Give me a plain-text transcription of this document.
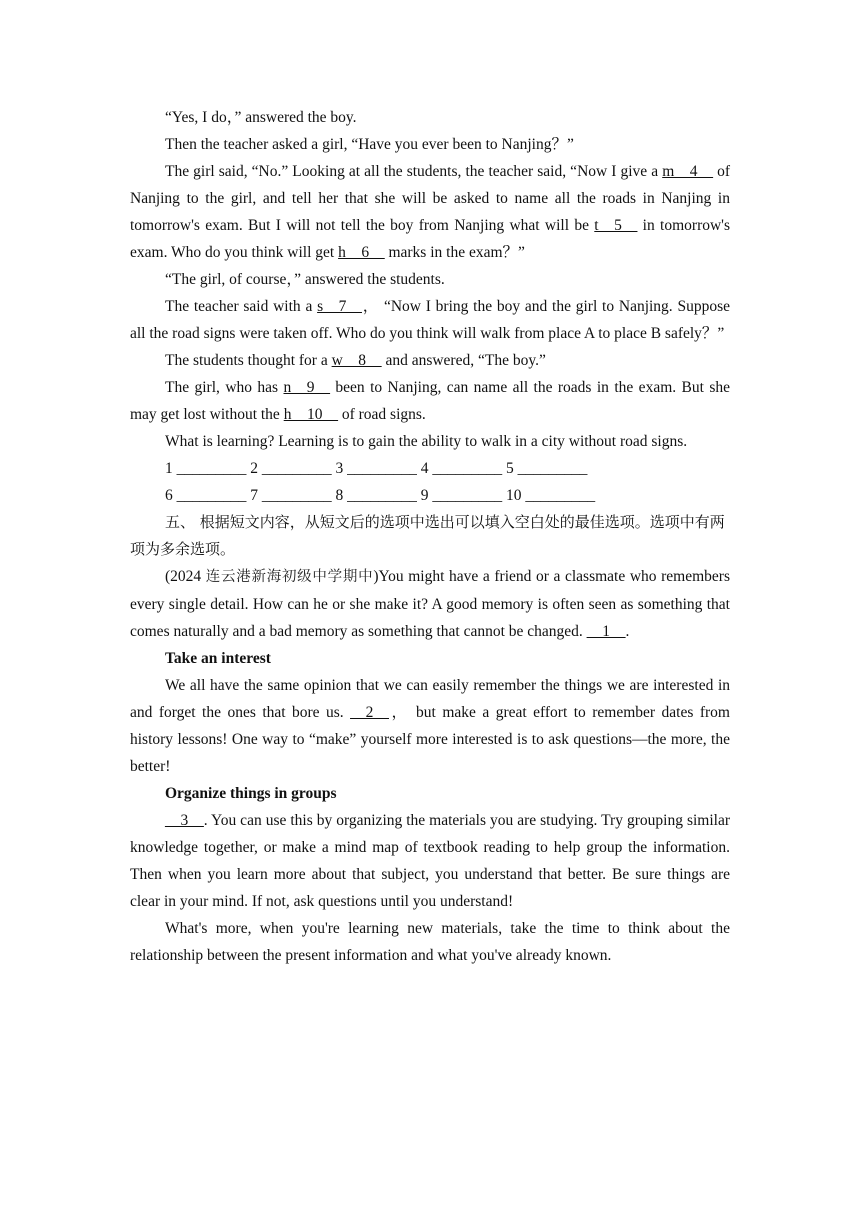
“Yes, I do，” answered the boy.

Then the teacher asked a girl, “Have you ever been to Nanjing？”

The girl said, “No.” Looking at all the students, the teacher said, “Now I give a m__4__ of Nanjing to the girl, and tell her that she will be asked to name all the roads in Nanjing in tomorrow's exam. But I will not tell the boy from Nanjing what will be t__5__ in tomorrow's exam. Who do you think will get h__6__ marks in the exam？”

“The girl, of course，” answered the students.

The teacher said with a s__7__， “Now I bring the boy and the girl to Nanjing. Suppose all the road signs were taken off. Who do you think will walk from place A to place B safely？”

The students thought for a w__8__ and answered, “The boy.”

The girl, who has n__9__ been to Nanjing, can name all the roads in the exam. But she may get lost without the h__10__ of road signs.

What is learning? Learning is to gain the ability to walk in a city without road signs.

1 _________ 2 _________ 3 _________ 4 _________ 5 _________

6 _________ 7 _________ 8 _________ 9 _________ 10 _________

五、 根据短文内容，从短文后的选项中选出可以填入空白处的最佳选项。选项中有两项为多余选项。

(2024 连云港新海初级中学期中)You might have a friend or a classmate who remembers every single detail. How can he or she make it? A good memory is often seen as something that comes naturally and a bad memory as something that cannot be changed. __1__.

Take an interest

We all have the same opinion that we can easily remember the things we are interested in and forget the ones that bore us. __2__， but make a great effort to remember dates from history lessons! One way to “make” yourself more interested is to ask questions—the more, the better!

Organize things in groups

__3__. You can use this by organizing the materials you are studying. Try grouping similar knowledge together, or make a mind map of textbook reading to help group the information. Then when you learn more about that subject, you understand that better. Be sure things are clear in your mind. If not, ask questions until you understand!

What's more, when you're learning new materials, take the time to think about the relationship between the present information and what you've already known.
